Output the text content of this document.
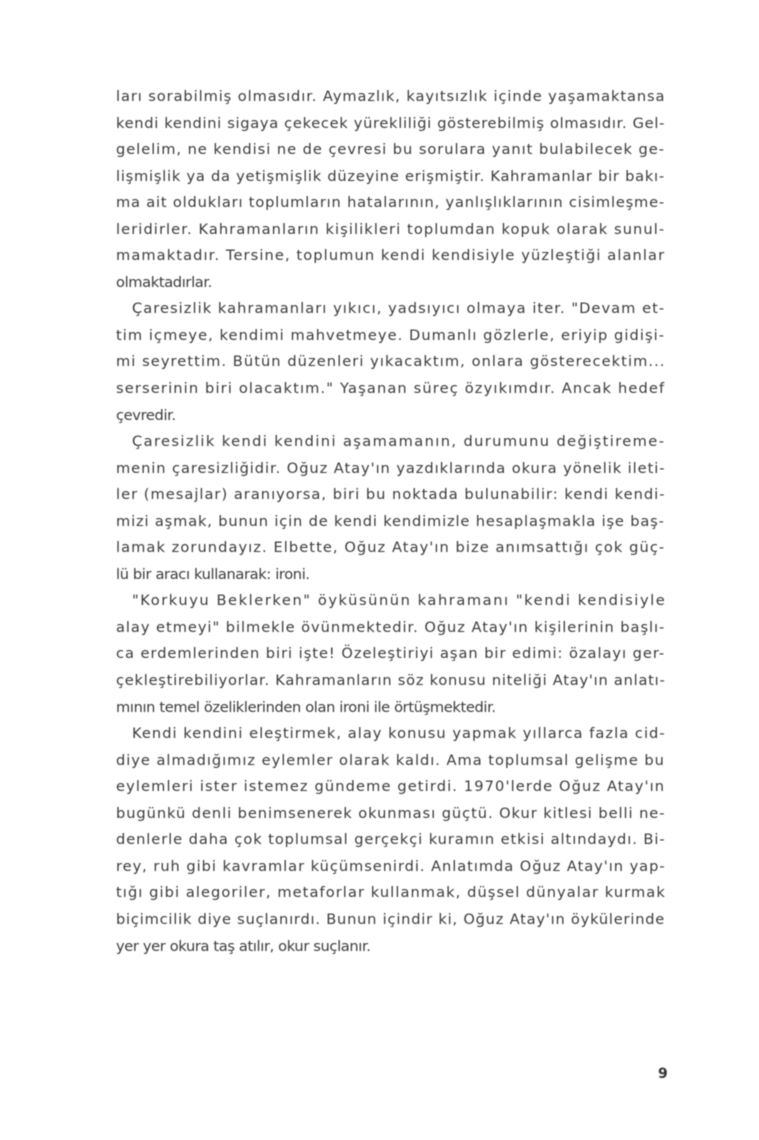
ları sorabilmiş olmasıdır. Aymazlık, kayıtsızlık içinde yaşamaktansa
kendi kendini sigaya çekecek yürekliliği gösterebilmiş olmasıdır. Gel-
gelelim, ne kendisi ne de çevresi bu sorulara yanıt bulabilecek ge-
lişmişlik ya da yetişmişlik düzeyine erişmiştir. Kahramanlar bir bakı-
ma ait oldukları toplumların hatalarının, yanlışlıklarının cisimleşme-
leridirler. Kahramanların kişilikleri toplumdan kopuk olarak sunul-
mamaktadır. Tersine, toplumun kendi kendisiyle yüzleştiği alanlar
olmaktadırlar.
Çaresizlik kahramanları yıkıcı, yadsıyıcı olmaya iter. "Devam et-
tim içmeye, kendimi mahvetmeye. Dumanlı gözlerle, eriyip gidişi-
mi seyrettim. Bütün düzenleri yıkacaktım, onlara gösterecektim...
serserinin biri olacaktım." Yaşanan süreç özyıkımdır. Ancak hedef
çevredir.
Çaresizlik kendi kendini aşamamanın, durumunu değiştireme-
menin çaresizliğidir. Oğuz Atay'ın yazdıklarında okura yönelik ileti-
ler (mesajlar) aranıyorsa, biri bu noktada bulunabilir: kendi kendi-
mizi aşmak, bunun için de kendi kendimizle hesaplaşmakla işe baş-
lamak zorundayız. Elbette, Oğuz Atay'ın bize anımsattığı çok güç-
lü bir aracı kullanarak: ironi.
"Korkuyu Beklerken" öyküsünün kahramanı "kendi kendisiyle
alay etmeyi" bilmekle övünmektedir. Oğuz Atay'ın kişilerinin başlı-
ca erdemlerinden biri işte! Özeleştiriyi aşan bir edimi: özalayı ger-
çekleştirebiliyorlar. Kahramanların söz konusu niteliği Atay'ın anlatı-
mının temel özeliklerinden olan ironi ile örtüşmektedir.
Kendi kendini eleştirmek, alay konusu yapmak yıllarca fazla cid-
diye almadığımız eylemler olarak kaldı. Ama toplumsal gelişme bu
eylemleri ister istemez gündeme getirdi. 1970'lerde Oğuz Atay'ın
bugünkü denli benimsenerek okunması güçtü. Okur kitlesi belli ne-
denlerle daha çok toplumsal gerçekçi kuramın etkisi altındaydı. Bi-
rey, ruh gibi kavramlar küçümsenirdi. Anlatımda Oğuz Atay'ın yap-
tığı gibi alegoriler, metaforlar kullanmak, düşsel dünyalar kurmak
biçimcilik diye suçlanırdı. Bunun içindir ki, Oğuz Atay'ın öykülerinde
yer yer okura taş atılır, okur suçlanır.
9
